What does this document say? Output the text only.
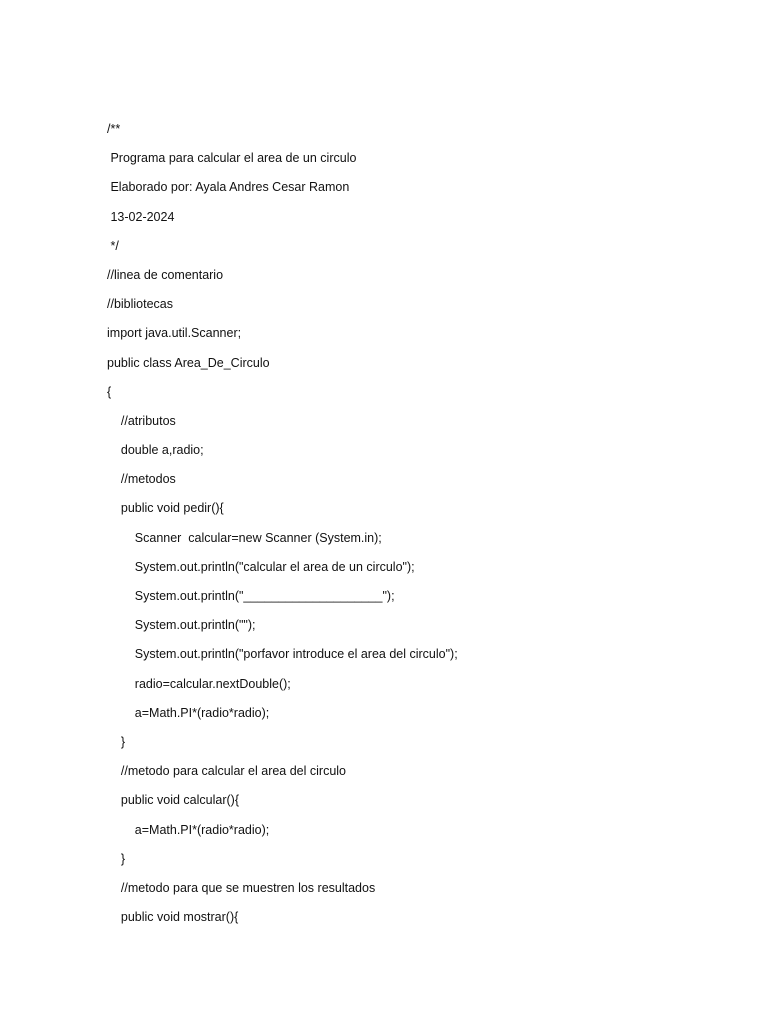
/**
Programa para calcular el area de un circulo
Elaborado por: Ayala Andres Cesar Ramon
13-02-2024
*/
//linea de comentario
//bibliotecas
import java.util.Scanner;
public class Area_De_Circulo
{
//atributos
double a,radio;
//metodos
public void pedir(){
Scanner  calcular=new Scanner (System.in);
System.out.println("calcular el area de un circulo");
System.out.println("____________________");
System.out.println("");
System.out.println("porfavor introduce el area del circulo");
radio=calcular.nextDouble();
a=Math.PI*(radio*radio);
}
//metodo para calcular el area del circulo
public void calcular(){
a=Math.PI*(radio*radio);
}
//metodo para que se muestren los resultados
public void mostrar(){
